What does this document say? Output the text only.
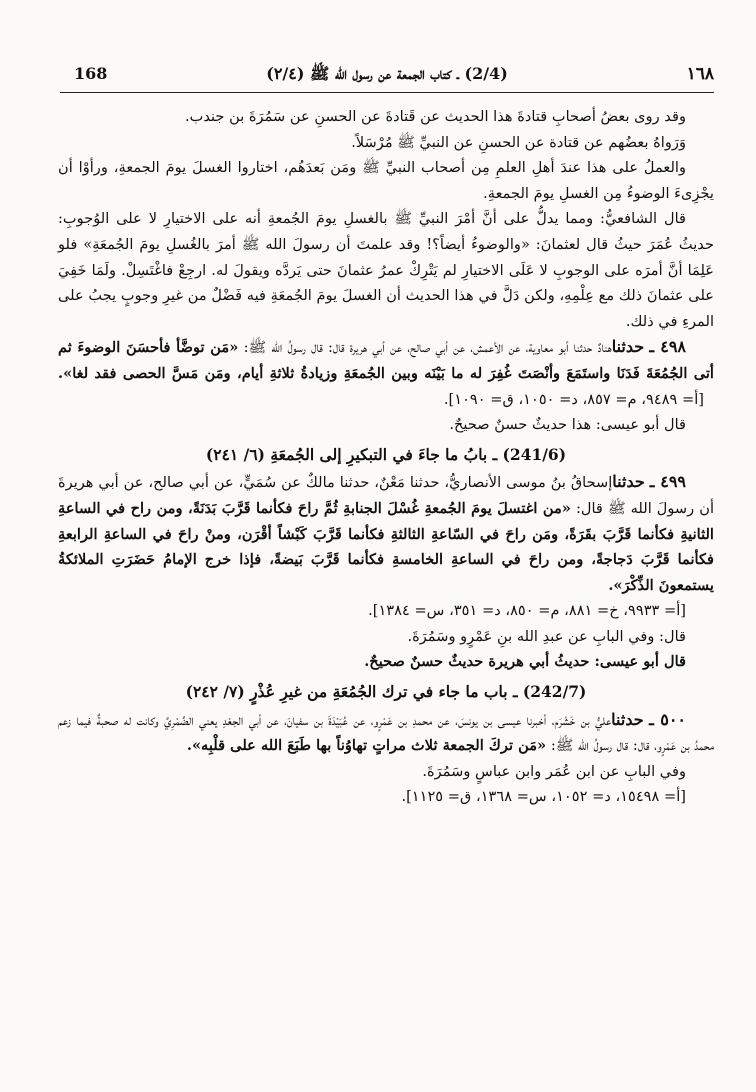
168	(2/4) ـ كتاب الجمعة عن رسول الله ﷺ (٢/٤)	١٦٨

وقد روى بعضُ أصحابِ قتادةَ هذا الحديث عن قَتادةَ عن الحسنِ عن سَمُرَةَ بن جندب.

وَرَواهُ بعضُهم عن قتادة عن الحسنِ عن النبيِّ ﷺ مُرْسَلاً.

والعملُ على هذا عندَ أهلِ العلمِ مِن أصحاب النبيِّ ﷺ ومَن بَعدَهُم، اختاروا الغسلَ يومَ الجمعةِ، ورأوْا أن يجْزِىءَ الوضوءُ مِن الغسلِ يومَ الجمعةِ.

قال الشافعيُّ: ومما يدلُّ على أنَّ أمْرَ النبيِّ ﷺ بالغسلِ يومَ الجُمعةِ أنه على الاختيارِ لا على الوُجوبِ: حديثُ عُمَرَ حيثُ قال لعثمانَ: «والوضوءُ أيضاً؟! وقد علمتَ أن رسولَ الله ﷺ أمرَ بالغُسلِ يومَ الجُمعَةِ» فلو عَلِمَا أنَّ أمرَه على الوجوبِ لا عَلَى الاختيارِ لم يَتْرِكْ عمرُ عثمانَ حتى يَردَّه ويقولَ له. ارجِعْ فاغْتَسِلْ. ولَمَا خَفِيَ على عثمانَ ذلك مع عِلْمِهِ، ولكن دَلَّ في هذا الحديث أن الغسلَ يومَ الجُمعَةِ فيه فَضْلٌ من غيرِ وجوبٍ يجبُ على المرءِ في ذلك.

٤٩٨ ـ حدثناهنادٌ حدثنا أبو معاوية، عن الأعمش، عن أبي صالح، عن أبي هريرة قال: قال رسولُ الله ﷺ: «مَن توضَّأ فأحسَنَ الوضوءَ ثم أتى الجُمُعَةَ فَدَنَا واستَمَعَ وأنْصَتَ غُفِرَ له ما بَيْنَه وبين الجُمعَةِ وزيادةُ ثلاثةِ أيام، ومَن مَسَّ الحصى فقد لغا». [أ= ٩٤٨٩، م= ٨٥٧، د= ١٠٥٠، ق= ١٠٩٠].

قال أبو عيسى: هذا حديثٌ حسنٌ صحيحٌ.

(241/6) ـ بابُ ما جاءَ في التبكيرِ إلى الجُمعَةِ (٦/ ٢٤١)

٤٩٩ ـ حدثناإسحاقُ بنُ موسى الأنصاريُّ، حدثنا مَعْنٌ، حدثنا مالكٌ عن سُمَيٍّ، عن أبي صالح، عن أبي هريرةَ أن رسولَ الله ﷺ قال: «من اغتسلَ يومَ الجُمعةِ غُسْلَ الجنابةِ ثُمَّ راحَ فكأنما قَرَّبَ بَدَنَةً، ومن راح في الساعةِ الثانيةِ فكأنما قَرَّبَ بقَرَةً، ومَن راحَ في السّاعةِ الثالثةِ فكأنما قَرَّبَ كَبْشاً أقْرَن، ومنْ راحَ في الساعةِ الرابعةِ فكأنما قَرَّبَ دَجاجةً، ومن راحَ في الساعةِ الخامسةِ فكأنما قَرَّبَ بَيضةً، فإذا خرج الإمامُ حَضَرَتِ الملائكةُ يستمعونَ الذِّكْرَ».

[أ= ٩٩٣٣، خ= ٨٨١، م= ٨٥٠، د= ٣٥١، س= ١٣٨٤].

قال: وفي البابِ عن عبدِ الله بنِ عَمْرٍو وسَمُرَةَ.

قال أبو عيسى: حديثُ أبي هريرة حديثٌ حسنٌ صحيحٌ.

(242/7) ـ باب ما جاء في ترك الجُمُعَةِ من غيرِ عُذْرٍ (٧/ ٢٤٢)

٥٠٠ ـ حدثناعليُّ بن خَشْرَم، أخبرنا عيسى بن يونسَ، عن محمدِ بن عَمْرٍو، عن عُبَيْدَةَ بن سفيانَ، عن أبي الجعْدِ يعني الضَّمْرِيَّ وكانت له صحبةٌ فيما زعم محمدُ بن عَمْرٍو، قال: قال رسولُ الله ﷺ: «مَن تركَ الجمعة ثلاث مراتٍ تهاوُناً بها طَبَعَ الله على قلْبِه».

وفي البابِ عن ابن عُمَر وابن عباسٍ وسَمُرَةَ.

[أ= ١٥٤٩٨، د= ١٠٥٢، س= ١٣٦٨، ق= ١١٢٥].
